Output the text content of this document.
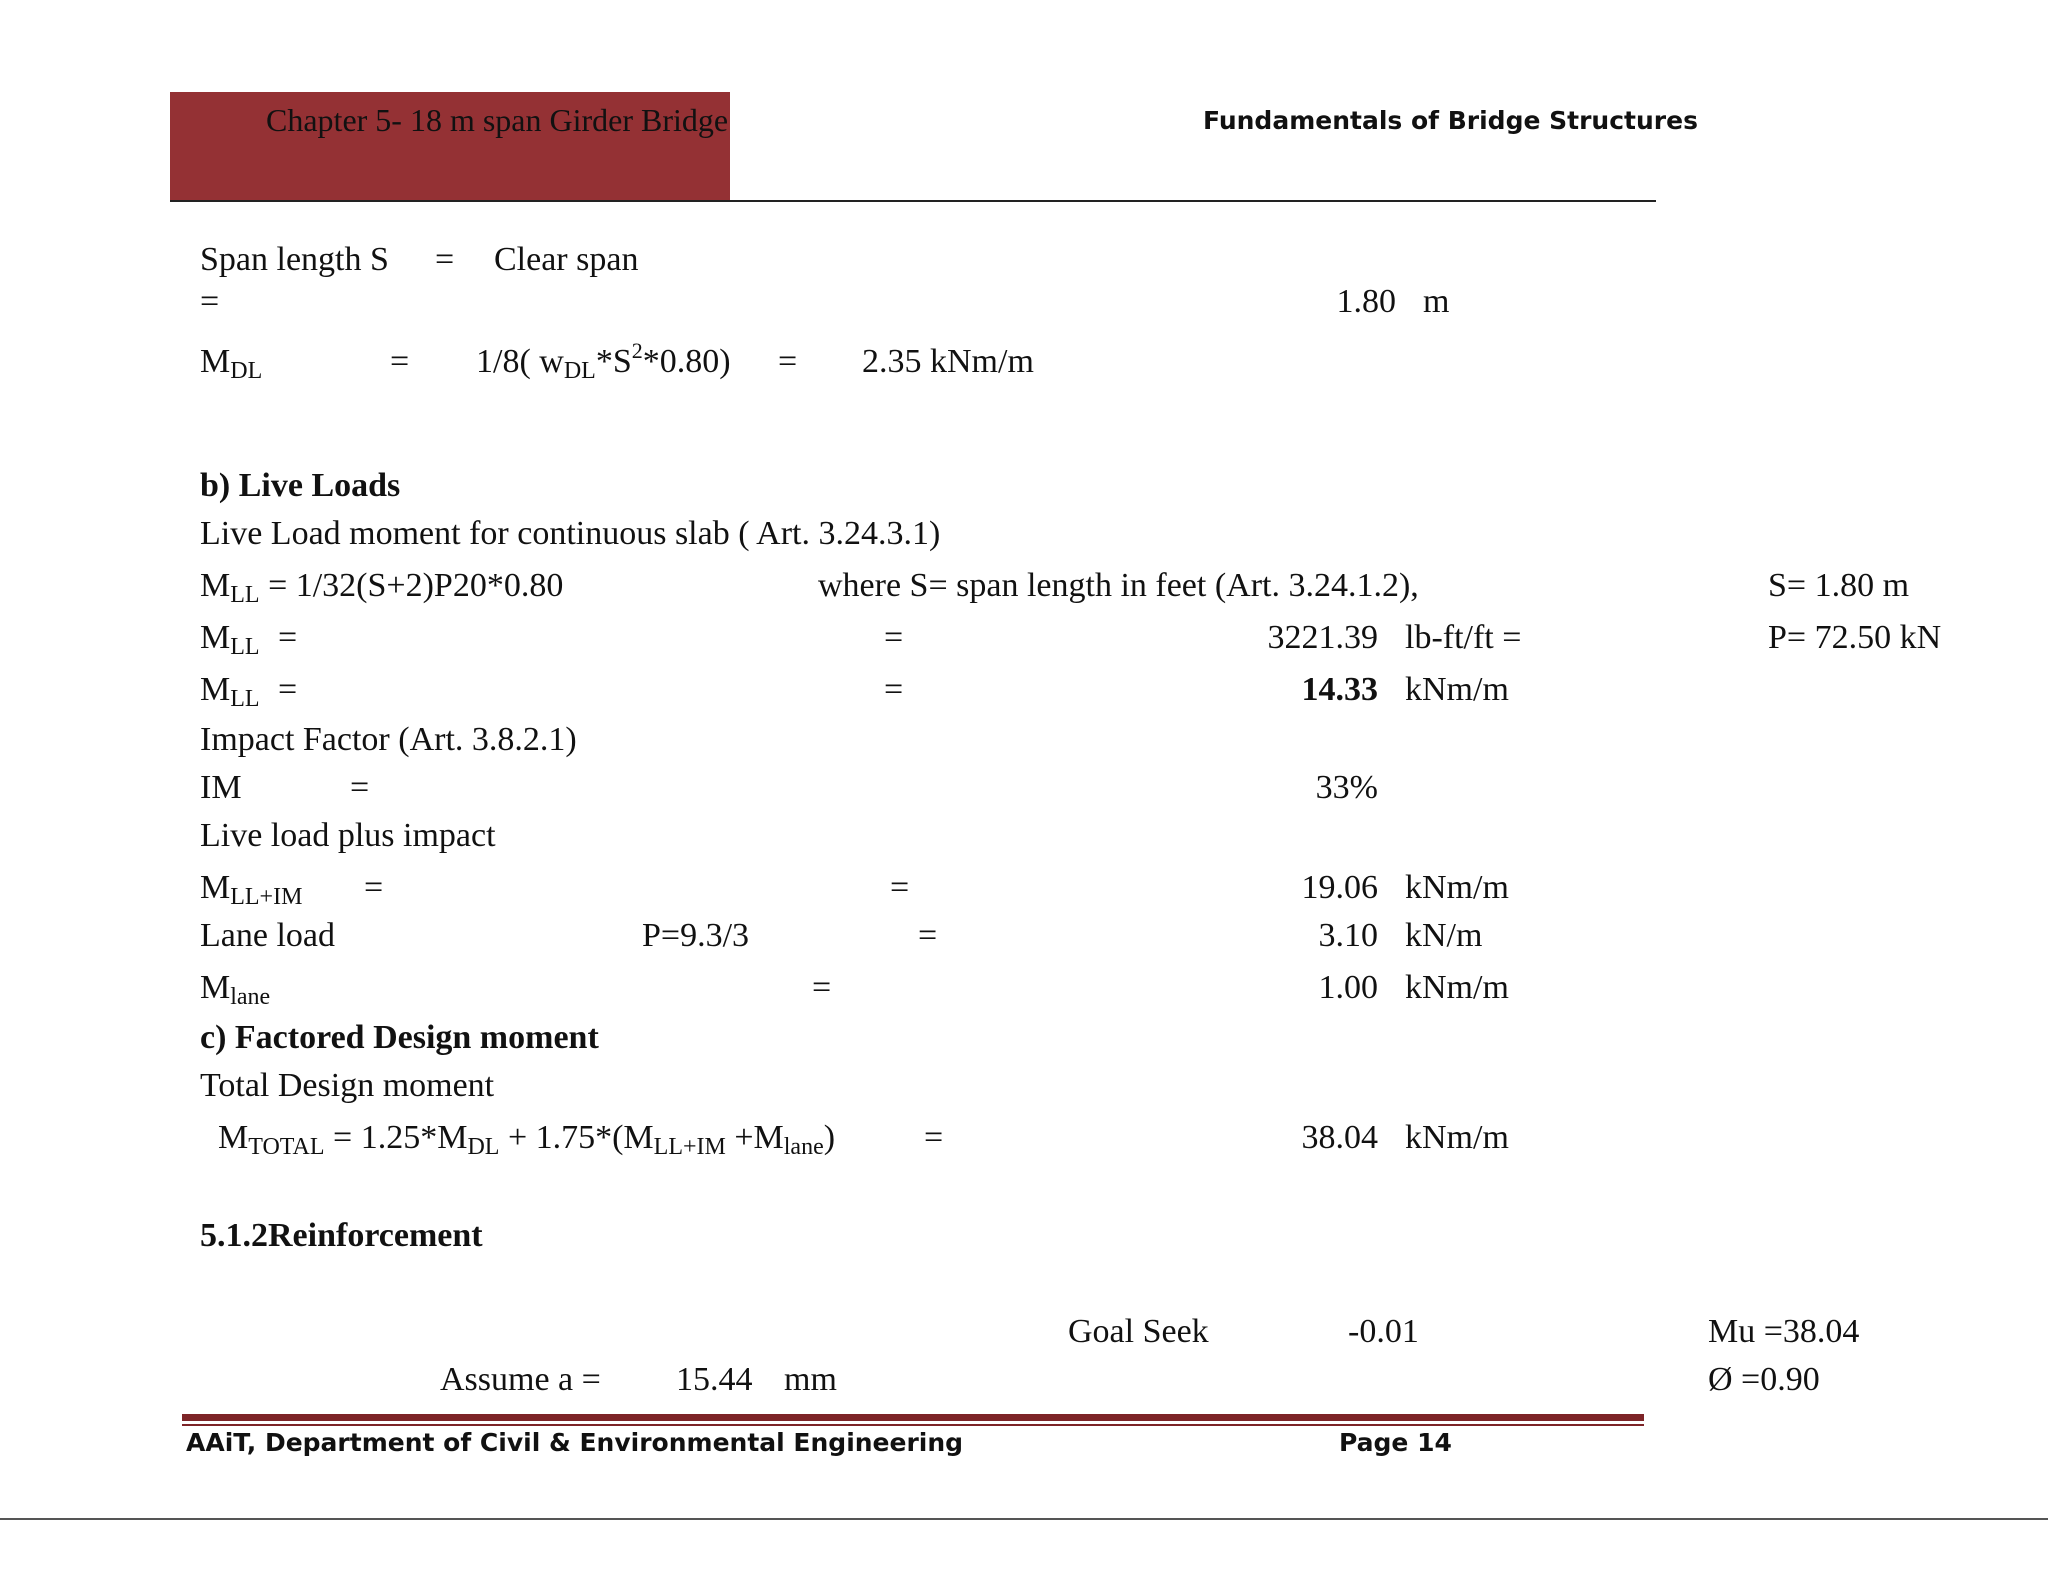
Chapter 5- 18 m span Girder Bridge	Fundamentals of Bridge Structures
Span length S = Clear span
=	1.80 m
$M_{DL}$	= 1/8( $w_{DL}*S^2*0.80) = 2.35$ kNm/m
b) Live Loads
Live Load moment for continuous slab ( Art. 3.24.3.1)
$M_{LL} = 1/32(S+2)P20*0.80$	where S= span length in feet (Art. 3.24.1.2),	S= 1.80 m
$M_{LL}$ =	=	3221.39 lb-ft/ft =	P= 72.50 kN
$M_{LL}$ =	=	14.33 kNm/m
Impact Factor (Art. 3.8.2.1)
IM	=	33%
Live load plus impact
$M_{LL+IM}$ =	=	19.06 kNm/m
Lane load	P=9.3/3	=	3.10 kN/m
$M_{lane}$	=	1.00 kNm/m
c) Factored Design moment
Total Design moment
$M_{TOTAL} = 1.25*M_{DL} + 1.75*(M_{LL+IM} +M_{lane})$	=	38.04 kNm/m
5.1.2Reinforcement
Goal Seek	-0.01	Mu =38.04
Assume a = 15.44 mm	Ø =0.90
AAiT, Department of Civil & Environmental Engineering	Page 14
